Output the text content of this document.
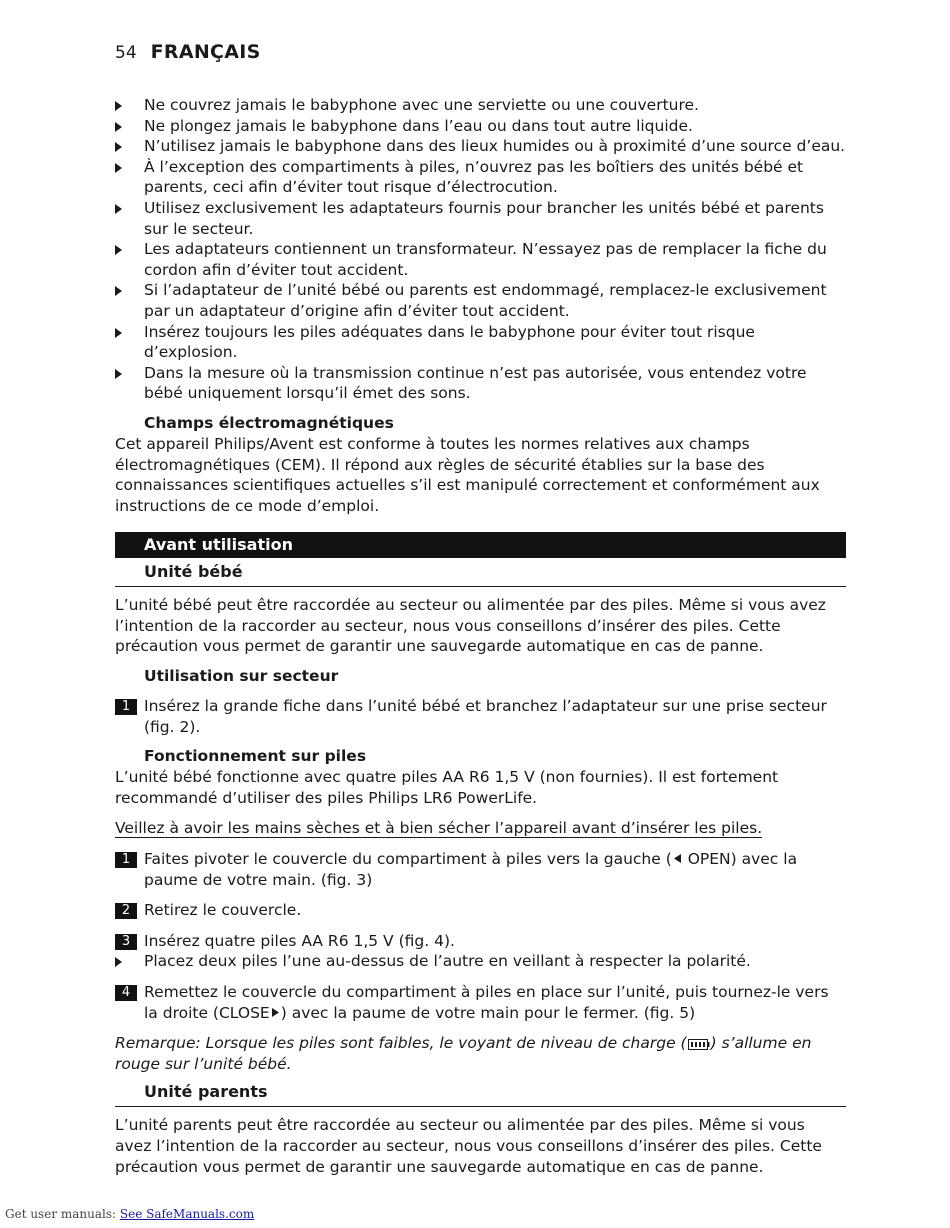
54 FRANÇAIS
Ne couvrez jamais le babyphone avec une serviette ou une couverture.
Ne plongez jamais le babyphone dans l’eau ou dans tout autre liquide.
N’utilisez jamais le babyphone dans des lieux humides ou à proximité d’une source d’eau.
À l’exception des compartiments à piles, n’ouvrez pas les boîtiers des unités bébé et parents, ceci afin d’éviter tout risque d’électrocution.
Utilisez exclusivement les adaptateurs fournis pour brancher les unités bébé et parents sur le secteur.
Les adaptateurs contiennent un transformateur. N’essayez pas de remplacer la fiche du cordon afin d’éviter tout accident.
Si l’adaptateur de l’unité bébé ou parents est endommagé, remplacez-le exclusivement par un adaptateur d’origine afin d’éviter tout accident.
Insérez toujours les piles adéquates dans le babyphone pour éviter tout risque d’explosion.
Dans la mesure où la transmission continue n’est pas autorisée, vous entendez votre bébé uniquement lorsqu’il émet des sons.
Champs électromagnétiques

Cet appareil Philips/Avent est conforme à toutes les normes relatives aux champs électromagnétiques (CEM). Il répond aux règles de sécurité établies sur la base des connaissances scientifiques actuelles s’il est manipulé correctement et conformément aux instructions de ce mode d’emploi.

Avant utilisation
Unité bébé

L’unité bébé peut être raccordée au secteur ou alimentée par des piles. Même si vous avez l’intention de la raccorder au secteur, nous vous conseillons d’insérer des piles. Cette précaution vous permet de garantir une sauvegarde automatique en cas de panne.

Utilisation sur secteur
1 Insérez la grande fiche dans l’unité bébé et branchez l’adaptateur sur une prise secteur (fig. 2).
Fonctionnement sur piles

L’unité bébé fonctionne avec quatre piles AA R6 1,5 V (non fournies). Il est fortement recommandé d’utiliser des piles Philips LR6 PowerLife.

Veillez à avoir les mains sèches et à bien sécher l’appareil avant d’insérer les piles.

1 Faites pivoter le couvercle du compartiment à piles vers la gauche ( OPEN) avec la paume de votre main. (fig. 3)
2 Retirez le couvercle.
3 Insérez quatre piles AA R6 1,5 V (fig. 4).
Placez deux piles l’une au-dessus de l’autre en veillant à respecter la polarité.
4 Remettez le couvercle du compartiment à piles en place sur l’unité, puis tournez-le vers la droite (CLOSE ) avec la paume de votre main pour le fermer. (fig. 5)

Remarque: Lorsque les piles sont faibles, le voyant de niveau de charge ( ) s’allume en rouge sur l’unité bébé.

Unité parents

L’unité parents peut être raccordée au secteur ou alimentée par des piles. Même si vous avez l’intention de la raccorder au secteur, nous vous conseillons d’insérer des piles. Cette précaution vous permet de garantir une sauvegarde automatique en cas de panne.

Get user manuals: See SafeManuals.com
